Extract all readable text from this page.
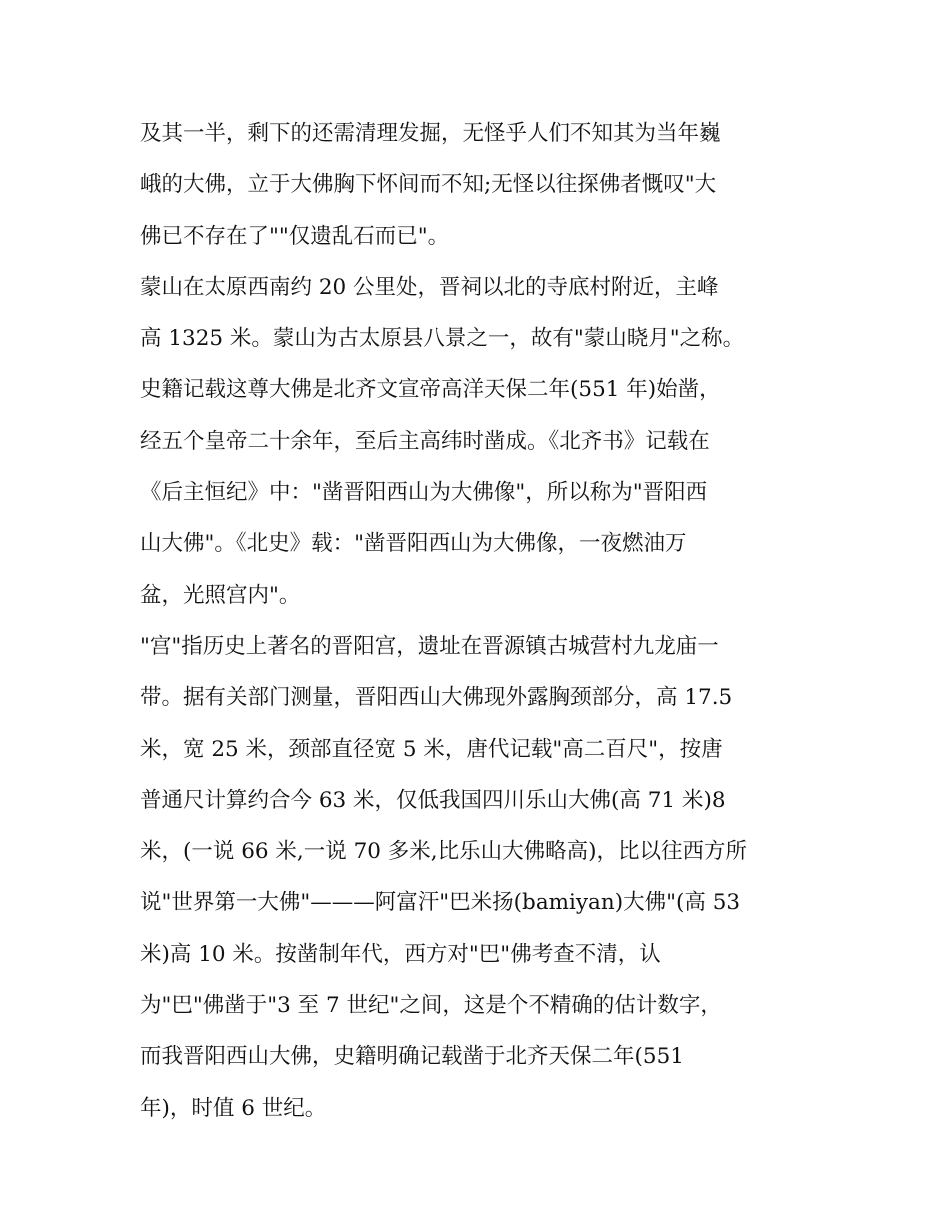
及其一半，剩下的还需清理发掘，无怪乎人们不知其为当年巍
峨的大佛，立于大佛胸下怀间而不知;无怪以往探佛者慨叹"大
佛已不存在了""仅遗乱石而已"。
蒙山在太原西南约 20 公里处，晋祠以北的寺底村附近，主峰
高 1325 米。蒙山为古太原县八景之一，故有"蒙山晓月"之称。
史籍记载这尊大佛是北齐文宣帝高洋天保二年(551 年)始凿，
经五个皇帝二十余年，至后主高纬时凿成。《北齐书》记载在
《后主恒纪》中："凿晋阳西山为大佛像"，所以称为"晋阳西
山大佛"。《北史》载："凿晋阳西山为大佛像，一夜燃油万
盆，光照宫内"。
"宫"指历史上著名的晋阳宫，遗址在晋源镇古城营村九龙庙一
带。据有关部门测量，晋阳西山大佛现外露胸颈部分，高 17.5
米，宽 25 米，颈部直径宽 5 米，唐代记载"高二百尺"，按唐
普通尺计算约合今 63 米，仅低我国四川乐山大佛(高 71 米)8
米，(一说 66 米,一说 70 多米,比乐山大佛略高)，比以往西方所
说"世界第一大佛"———阿富汗"巴米扬(bamiyan)大佛"(高 53
米)高 10 米。按凿制年代，西方对"巴"佛考查不清，认
为"巴"佛凿于"3 至 7 世纪"之间，这是个不精确的估计数字，
而我晋阳西山大佛，史籍明确记载凿于北齐天保二年(551
年)，时值 6 世纪。
